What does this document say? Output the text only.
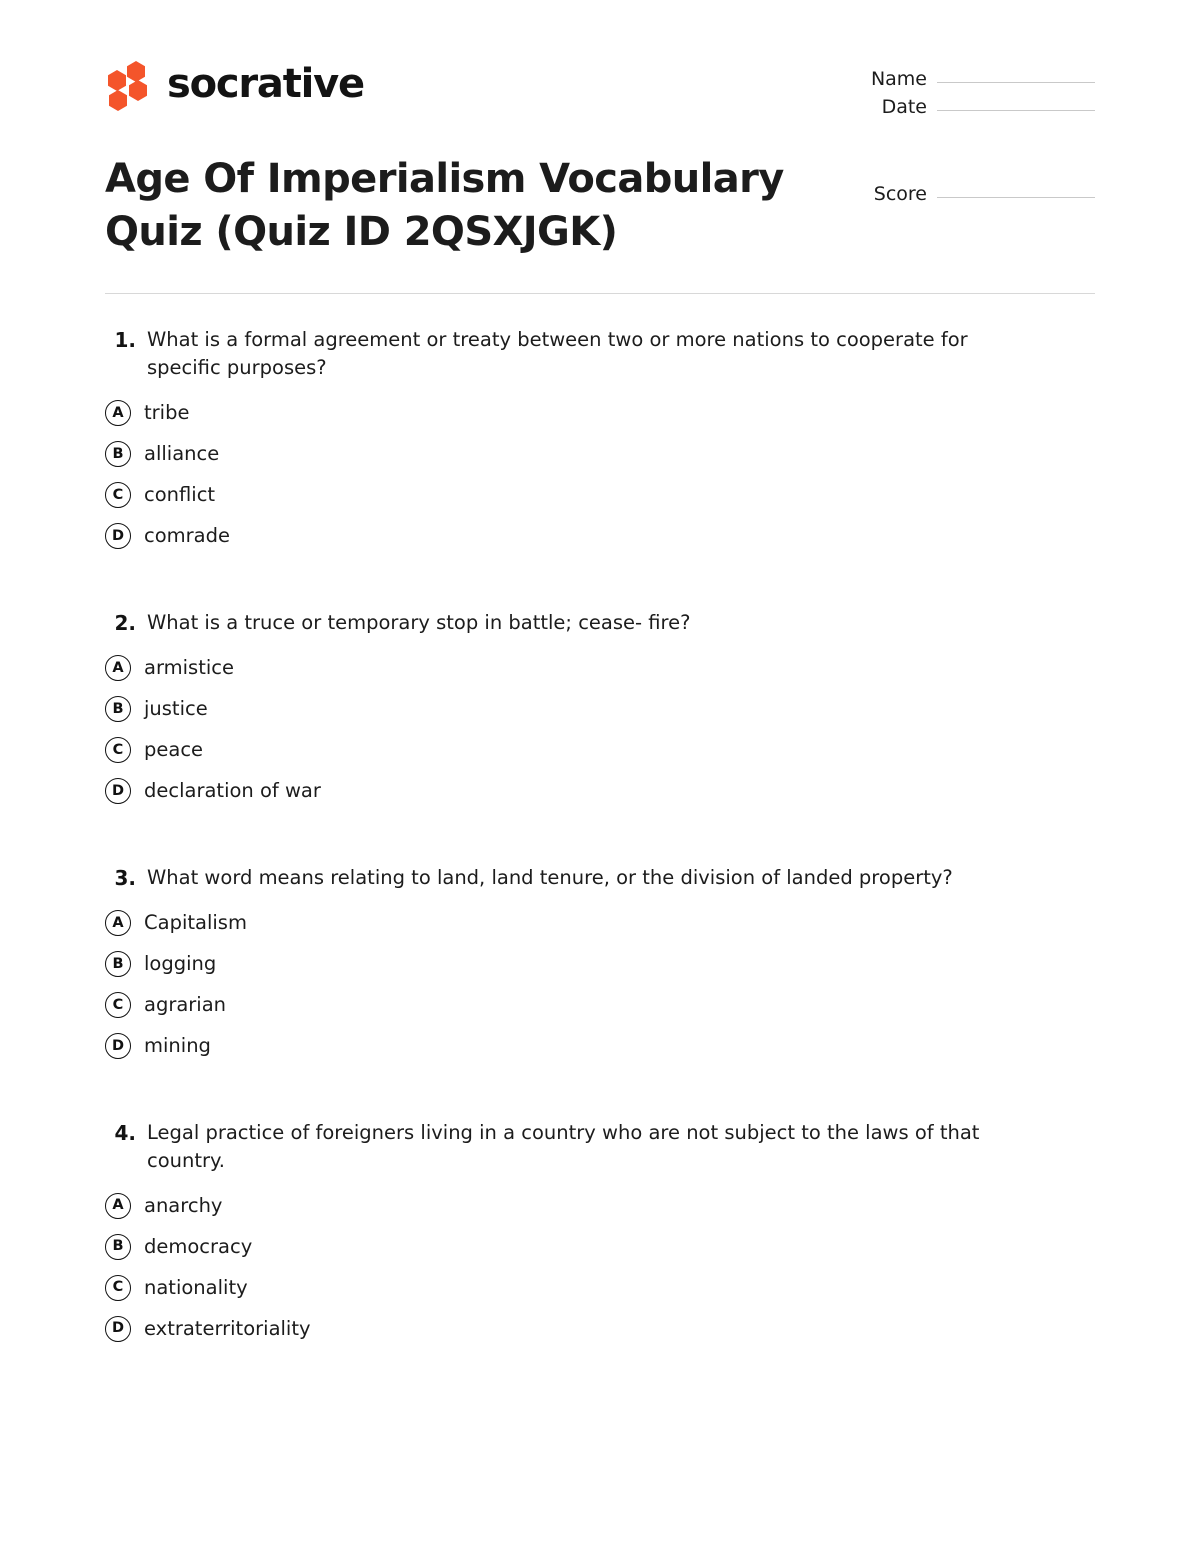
socrative
Age Of Imperialism Vocabulary Quiz (Quiz ID 2QSXJGK)
Name
Date
Score
1. What is a formal agreement or treaty between two or more nations to cooperate for specific purposes?
A	tribe
B	alliance
C	conflict
D	comrade
2. What is a truce or temporary stop in battle; cease- fire?
A	armistice
B	justice
C	peace
D	declaration of war
3. What word means relating to land, land tenure, or the division of landed property?
A	Capitalism
B	logging
C	agrarian
D	mining
4. Legal practice of foreigners living in a country who are not subject to the laws of that country.
A	anarchy
B	democracy
C	nationality
D	extraterritoriality
